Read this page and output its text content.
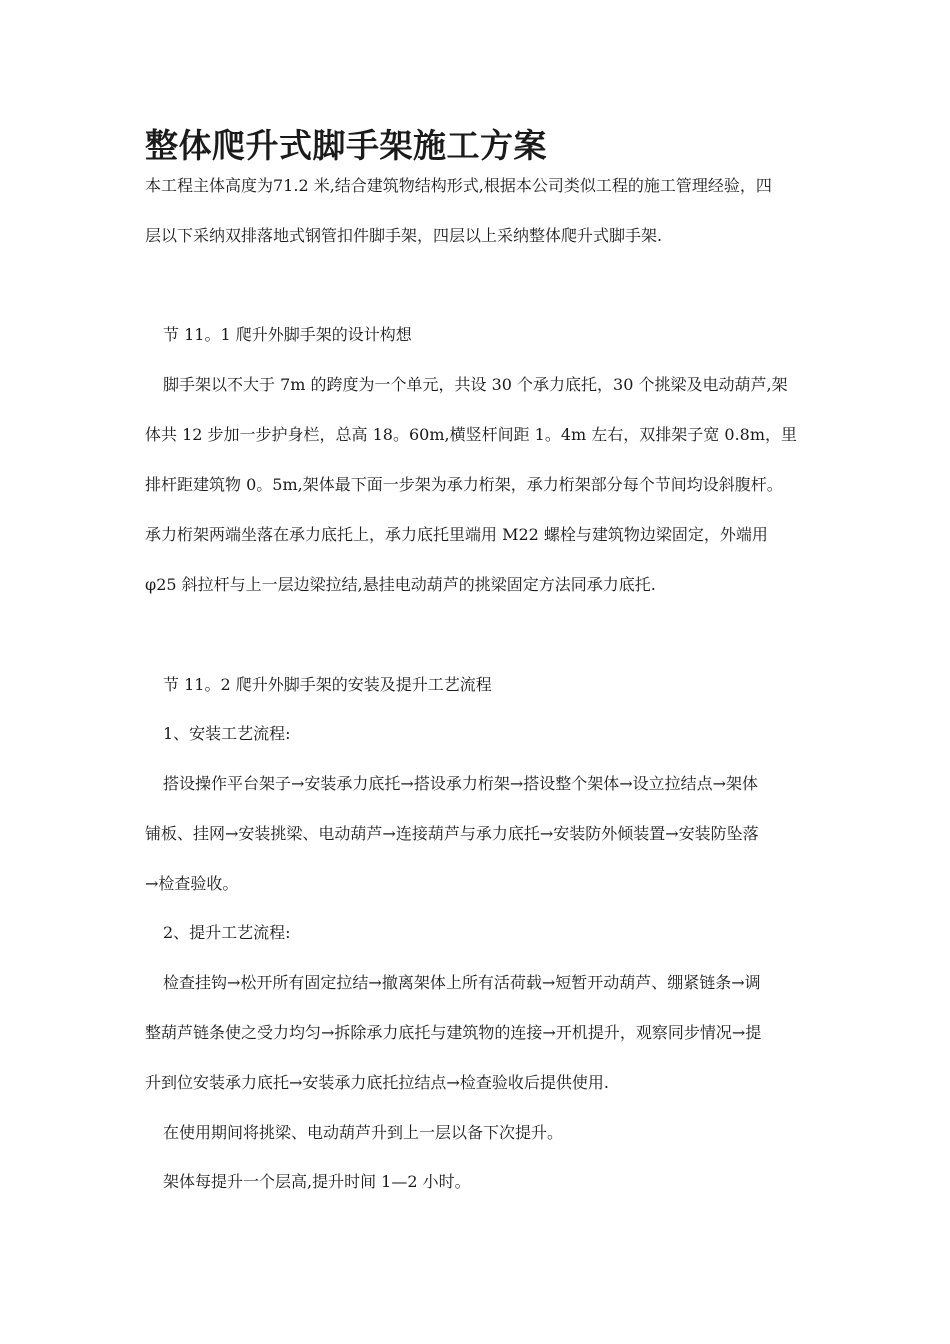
整体爬升式脚手架施工方案
本工程主体高度为71.2 米,结合建筑物结构形式,根据本公司类似工程的施工管理经验，四
层以下采纳双排落地式钢管扣件脚手架，四层以上采纳整体爬升式脚手架.
节 11。1 爬升外脚手架的设计构想
脚手架以不大于 7m 的跨度为一个单元，共设 30 个承力底托，30 个挑梁及电动葫芦,架
体共 12 步加一步护身栏，总高 18。60m,横竖杆间距 1。4m 左右，双排架子宽 0.8m，里
排杆距建筑物 0。5m,架体最下面一步架为承力桁架，承力桁架部分每个节间均设斜腹杆。
承力桁架两端坐落在承力底托上，承力底托里端用 M22 螺栓与建筑物边梁固定，外端用
φ25 斜拉杆与上一层边梁拉结,悬挂电动葫芦的挑梁固定方法同承力底托.
节 11。2 爬升外脚手架的安装及提升工艺流程
1、安装工艺流程:
搭设操作平台架子→安装承力底托→搭设承力桁架→搭设整个架体→设立拉结点→架体
铺板、挂网→安装挑梁、电动葫芦→连接葫芦与承力底托→安装防外倾装置→安装防坠落
→检查验收。
2、提升工艺流程:
检查挂钩→松开所有固定拉结→撤离架体上所有活荷载→短暂开动葫芦、绷紧链条→调
整葫芦链条使之受力均匀→拆除承力底托与建筑物的连接→开机提升，观察同步情况→提
升到位安装承力底托→安装承力底托拉结点→检查验收后提供使用.
在使用期间将挑梁、电动葫芦升到上一层以备下次提升。
架体每提升一个层高,提升时间 1—2 小时。
